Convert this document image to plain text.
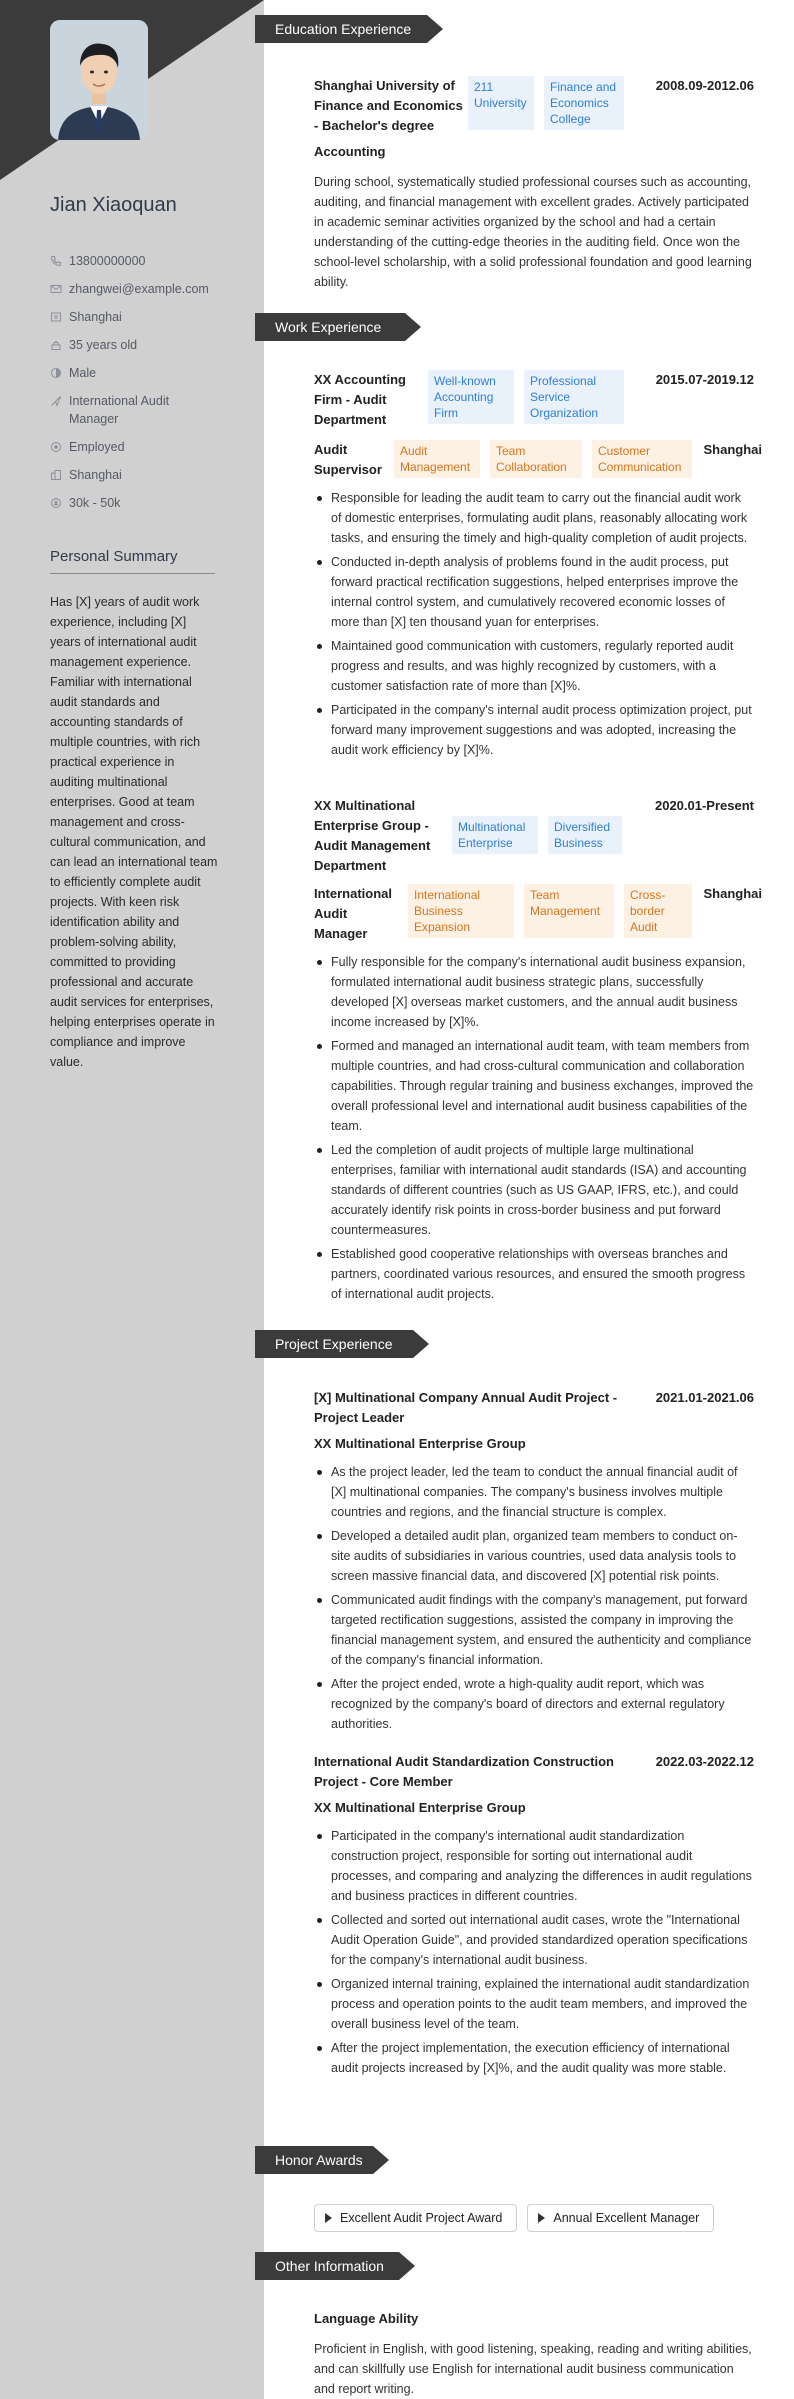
Jian Xiaoquan
13800000000
zhangwei@example.com
Shanghai
35 years old
Male
International Audit Manager
Employed
Shanghai
30k - 50k
Personal Summary
Has [X] years of audit work experience, including [X] years of international audit management experience. Familiar with international audit standards and accounting standards of multiple countries, with rich practical experience in auditing multinational enterprises. Good at team management and cross-cultural communication, and can lead an international team to efficiently complete audit projects. With keen risk identification ability and problem-solving ability, committed to providing professional and accurate audit services for enterprises, helping enterprises operate in compliance and improve value.
Education Experience
Shanghai University of Finance and Economics - Bachelor's degree
211 University
Finance and Economics College
2008.09-2012.06
Accounting
During school, systematically studied professional courses such as accounting, auditing, and financial management with excellent grades. Actively participated in academic seminar activities organized by the school and had a certain understanding of the cutting-edge theories in the auditing field. Once won the school-level scholarship, with a solid professional foundation and good learning ability.
Work Experience
XX Accounting Firm - Audit Department
Well-known Accounting Firm
Professional Service Organization
2015.07-2019.12
Audit Supervisor
Audit Management
Team Collaboration
Customer Communication
Shanghai
Responsible for leading the audit team to carry out the financial audit work of domestic enterprises, formulating audit plans, reasonably allocating work tasks, and ensuring the timely and high-quality completion of audit projects.
Conducted in-depth analysis of problems found in the audit process, put forward practical rectification suggestions, helped enterprises improve the internal control system, and cumulatively recovered economic losses of more than [X] ten thousand yuan for enterprises.
Maintained good communication with customers, regularly reported audit progress and results, and was highly recognized by customers, with a customer satisfaction rate of more than [X]%.
Participated in the company's internal audit process optimization project, put forward many improvement suggestions and was adopted, increasing the audit work efficiency by [X]%.
XX Multinational Enterprise Group - Audit Management Department
Multinational Enterprise
Diversified Business
2020.01-Present
International Audit Manager
International Business Expansion
Team Management
Cross-border Audit
Shanghai
Fully responsible for the company's international audit business expansion, formulated international audit business strategic plans, successfully developed [X] overseas market customers, and the annual audit business income increased by [X]%.
Formed and managed an international audit team, with team members from multiple countries, and had cross-cultural communication and collaboration capabilities. Through regular training and business exchanges, improved the overall professional level and international audit business capabilities of the team.
Led the completion of audit projects of multiple large multinational enterprises, familiar with international audit standards (ISA) and accounting standards of different countries (such as US GAAP, IFRS, etc.), and could accurately identify risk points in cross-border business and put forward countermeasures.
Established good cooperative relationships with overseas branches and partners, coordinated various resources, and ensured the smooth progress of international audit projects.
Project Experience
[X] Multinational Company Annual Audit Project - Project Leader
2021.01-2021.06
XX Multinational Enterprise Group
As the project leader, led the team to conduct the annual financial audit of [X] multinational companies. The company's business involves multiple countries and regions, and the financial structure is complex.
Developed a detailed audit plan, organized team members to conduct on-site audits of subsidiaries in various countries, used data analysis tools to screen massive financial data, and discovered [X] potential risk points.
Communicated audit findings with the company's management, put forward targeted rectification suggestions, assisted the company in improving the financial management system, and ensured the authenticity and compliance of the company's financial information.
After the project ended, wrote a high-quality audit report, which was recognized by the company's board of directors and external regulatory authorities.
International Audit Standardization Construction Project - Core Member
2022.03-2022.12
XX Multinational Enterprise Group
Participated in the company's international audit standardization construction project, responsible for sorting out international audit processes, and comparing and analyzing the differences in audit regulations and business practices in different countries.
Collected and sorted out international audit cases, wrote the "International Audit Operation Guide", and provided standardized operation specifications for the company's international audit business.
Organized internal training, explained the international audit standardization process and operation points to the audit team members, and improved the overall business level of the team.
After the project implementation, the execution efficiency of international audit projects increased by [X]%, and the audit quality was more stable.
Honor Awards
Excellent Audit Project Award	Annual Excellent Manager
Other Information
Language Ability
Proficient in English, with good listening, speaking, reading and writing abilities, and can skillfully use English for international audit business communication and report writing.
